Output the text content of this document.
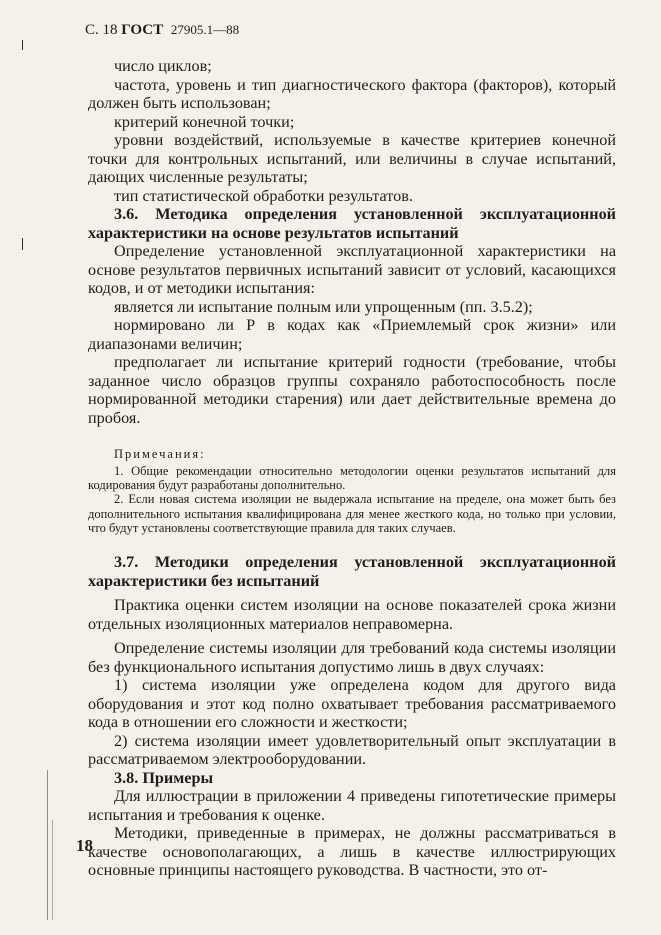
С. 18 ГОСТ 27905.1—88

число циклов;

частота, уровень и тип диагностического фактора (факторов), который должен быть использован;

критерий конечной точки;

уровни воздействий, используемые в качестве критериев конечной точки для контрольных испытаний, или величины в случае испытаний, дающих численные результаты;

тип статистической обработки результатов.

3.6. Методика определения установленной эксплуатационной характеристики на основе результатов испытаний

Определение установленной эксплуатационной характеристики на основе результатов первичных испытаний зависит от условий, касающихся кодов, и от методики испытания:

является ли испытание полным или упрощенным (пп. 3.5.2);

нормировано ли Р в кодах как «Приемлемый срок жизни» или диапазонами величин;

предполагает ли испытание критерий годности (требование, чтобы заданное число образцов группы сохраняло работоспособность после нормированной методики старения) или дает действительные времена до пробоя.

Примечания:

1. Общие рекомендации относительно методологии оценки результатов испытаний для кодирования будут разработаны дополнительно.

2. Если новая система изоляции не выдержала испытание на пределе, она может быть без дополнительного испытания квалифицирована для менее жесткого кода, но только при условии, что будут установлены соответствующие правила для таких случаев.

3.7. Методики определения установленной эксплуатационной характеристики без испытаний

Практика оценки систем изоляции на основе показателей срока жизни отдельных изоляционных материалов неправомерна.

Определение системы изоляции для требований кода системы изоляции без функционального испытания допустимо лишь в двух случаях:

1) система изоляции уже определена кодом для другого вида оборудования и этот код полно охватывает требования рассматриваемого кода в отношении его сложности и жесткости;

2) система изоляции имеет удовлетворительный опыт эксплуатации в рассматриваемом электрооборудовании.

3.8. Примеры

Для иллюстрации в приложении 4 приведены гипотетические примеры испытания и требования к оценке.

Методики, приведенные в примерах, не должны рассматриваться в качестве основополагающих, а лишь в качестве иллюстрирующих основные принципы настоящего руководства. В частности, это от-

18
